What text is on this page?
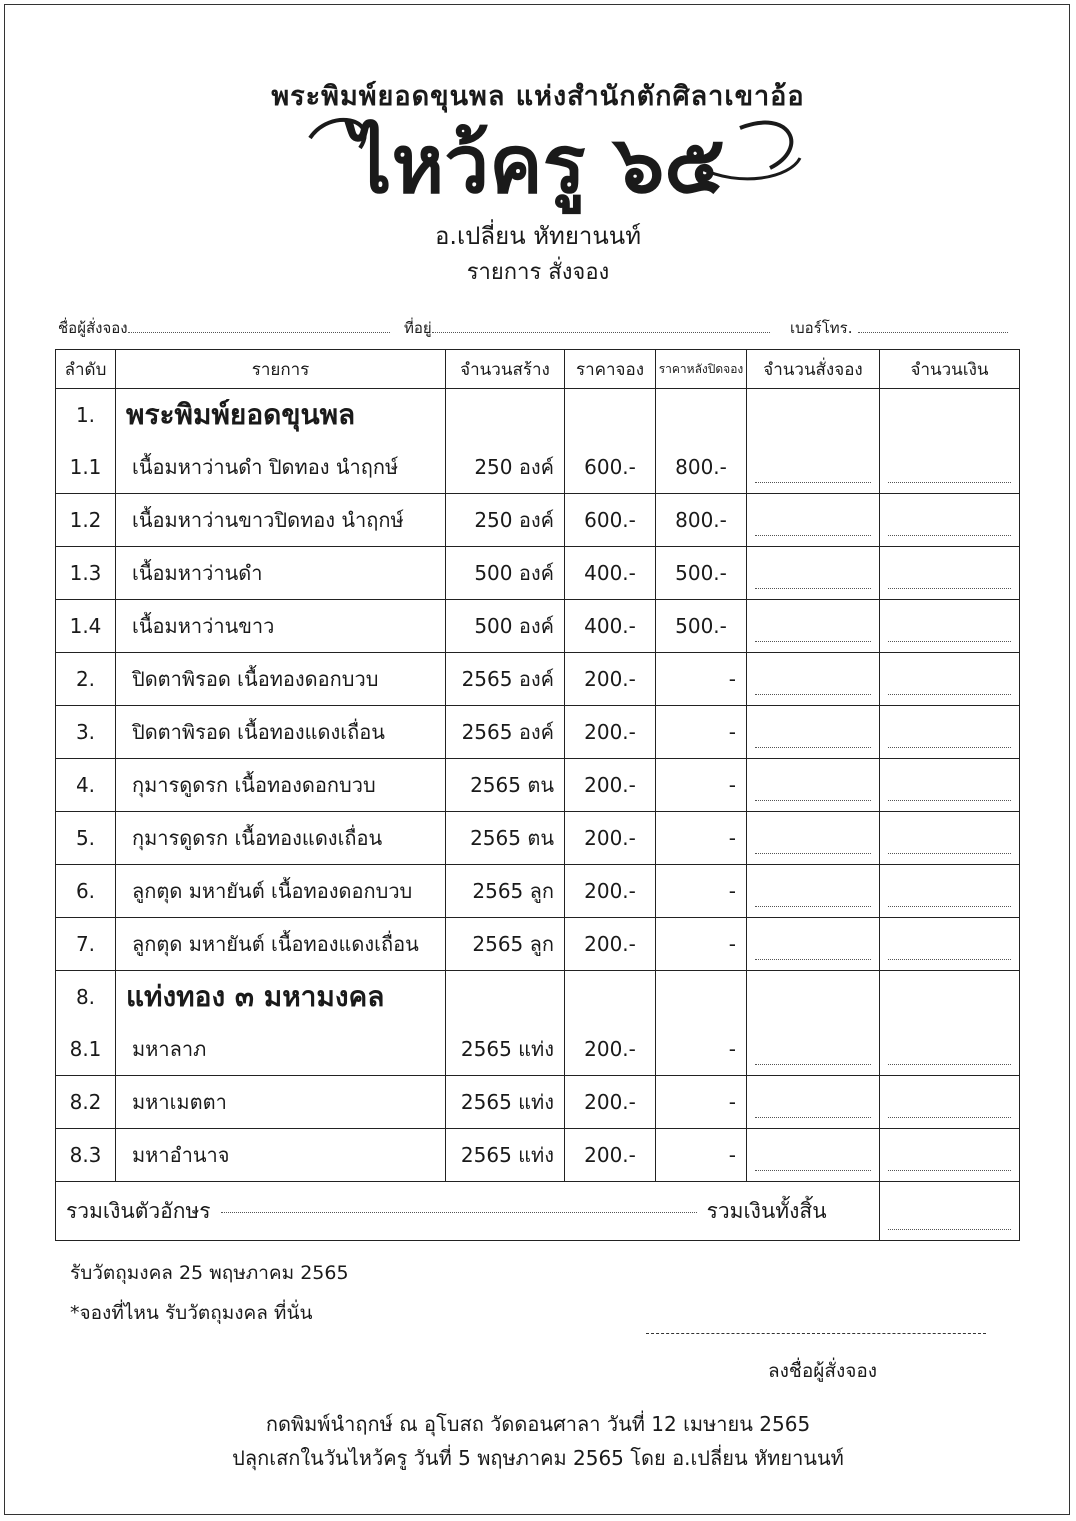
พระพิมพ์ยอดขุนพล แห่งสำนักตักศิลาเขาอ้อ
ไหว้ครู ๖๕
อ.เปลี่ยน หัทยานนท์
รายการ สั่งจอง
ชื่อผู้สั่งจอง	ที่อยู่	เบอร์โทร.
ลำดับ	รายการ	จำนวนสร้าง	ราคาจอง	ราคาหลังปิดจอง	จำนวนสั่งจอง	จำนวนเงิน
1.	พระพิมพ์ยอดขุนพล					
1.1	เนื้อมหาว่านดำ ปิดทอง นำฤกษ์	250 องค์	600.-	800.-	

1.2	เนื้อมหาว่านขาวปิดทอง นำฤกษ์	250 องค์	600.-	800.-	

1.3	เนื้อมหาว่านดำ	500 องค์	400.-	500.-	

1.4	เนื้อมหาว่านขาว	500 องค์	400.-	500.-	

2.	ปิดตาพิรอด เนื้อทองดอกบวบ	2565 องค์	200.-	-	

3.	ปิดตาพิรอด เนื้อทองแดงเถื่อน	2565 องค์	200.-	-	

4.	กุมารดูดรก เนื้อทองดอกบวบ	2565 ตน	200.-	-	

5.	กุมารดูดรก เนื้อทองแดงเถื่อน	2565 ตน	200.-	-	

6.	ลูกตุด มหายันต์ เนื้อทองดอกบวบ	2565 ลูก	200.-	-	

7.	ลูกตุด มหายันต์ เนื้อทองแดงเถื่อน	2565 ลูก	200.-	-	

8.	แท่งทอง ๓ มหามงคล					
8.1	มหาลาภ	2565 แท่ง	200.-	-	

8.2	มหาเมตตา	2565 แท่ง	200.-	-	

8.3	มหาอำนาจ	2565 แท่ง	200.-	-	

รวมเงินตัวอักษร รวมเงินทั้งสิ้น						
รับวัตถุมงคล 25 พฤษภาคม 2565
*จองที่ไหน รับวัตถุมงคล ที่นั่น
ลงชื่อผู้สั่งจอง
กดพิมพ์นำฤกษ์ ณ อุโบสถ วัดดอนศาลา วันที่ 12 เมษายน 2565
ปลุกเสกในวันไหว้ครู วันที่ 5 พฤษภาคม 2565 โดย อ.เปลี่ยน หัทยานนท์
